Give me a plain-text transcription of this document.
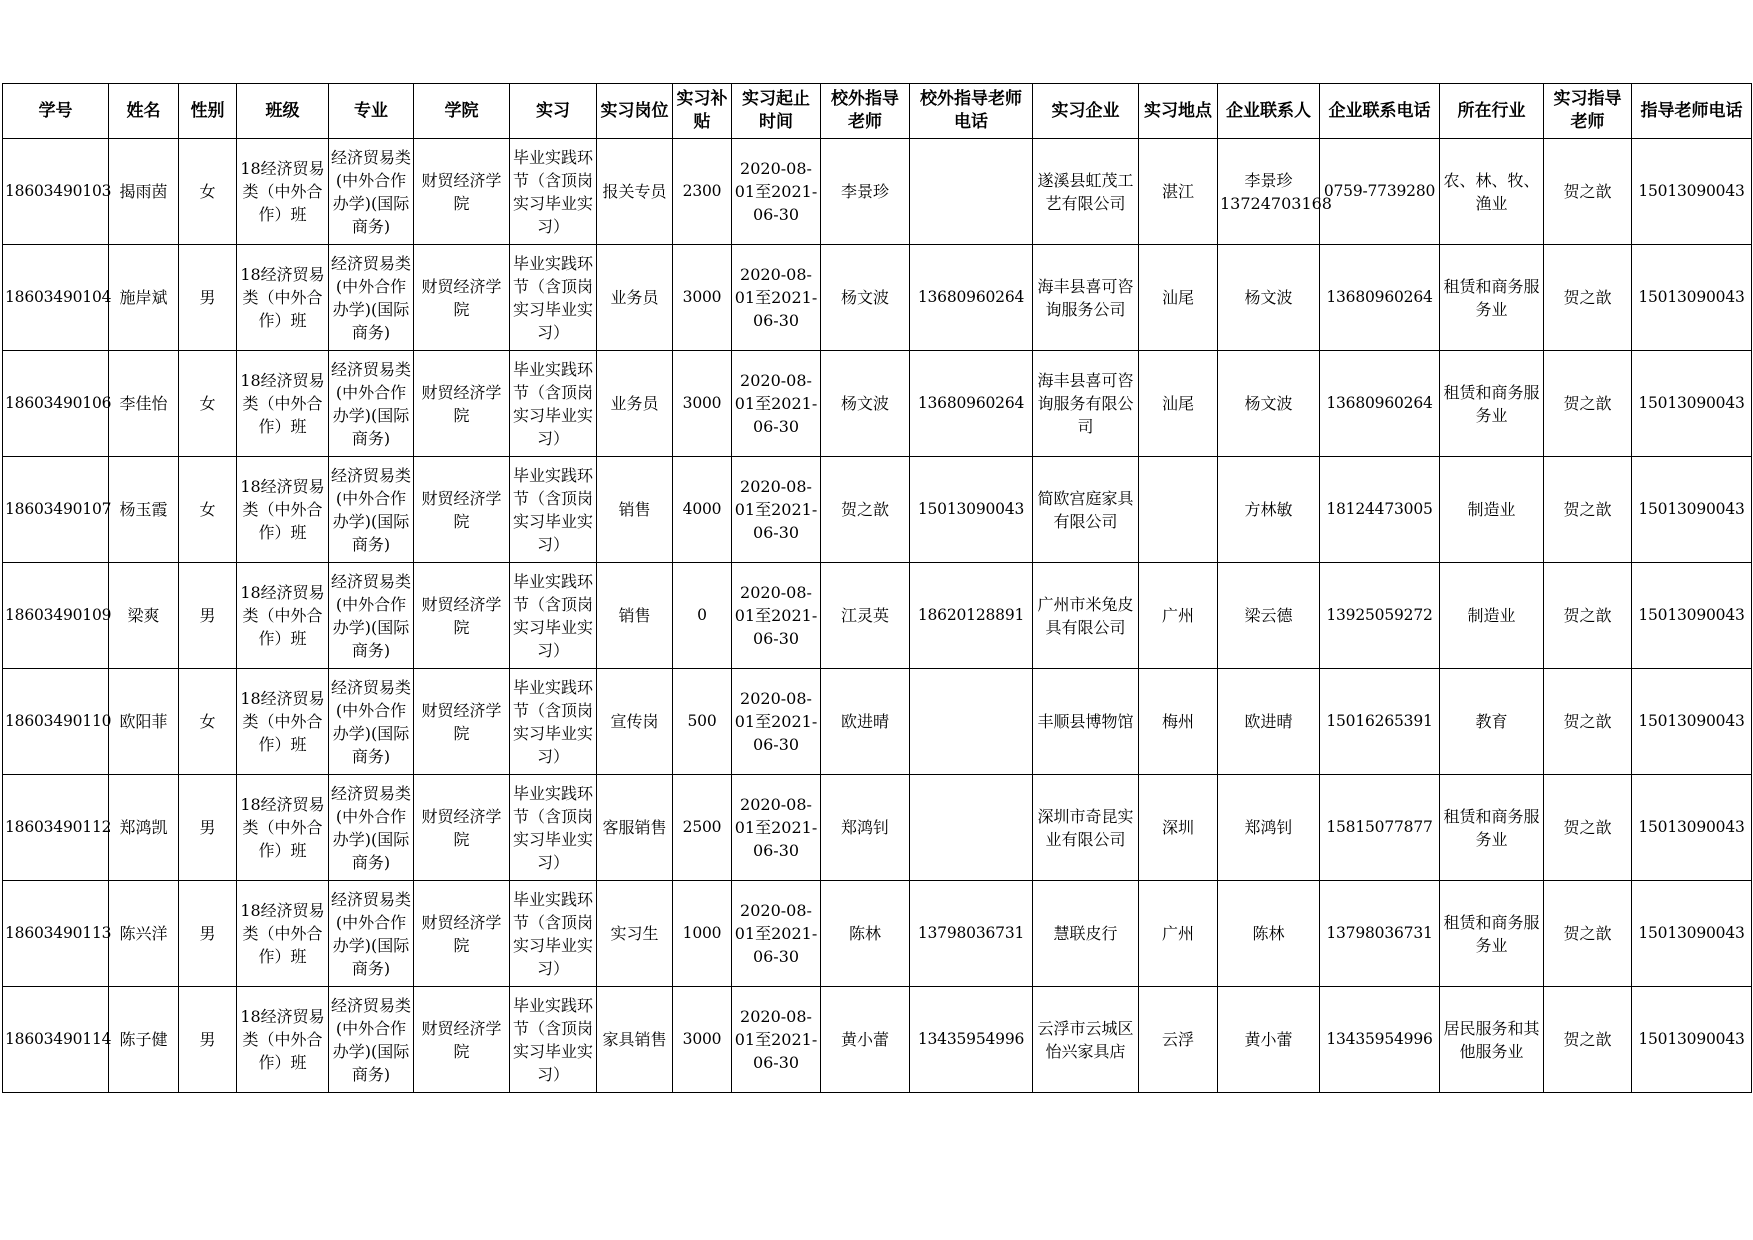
学号	姓名	性别	班级	专业	学院	实习	实习岗位	实习补贴	实习起止时间	校外指导老师	校外指导老师电话	实习企业	实习地点	企业联系人	企业联系电话	所在行业	实习指导老师	指导老师电话

18603490103	揭雨茵	女	18经济贸易类（中外合作）班	经济贸易类(中外合作办学)(国际商务)	财贸经济学院	毕业实践环节（含顶岗实习毕业实习）	报关专员	2300	2020-08-01至2021-06-30	李景珍		遂溪县虹茂工艺有限公司	湛江	李景珍13724703168	0759-7739280	农、林、牧、渔业	贺之歆	15013090043

18603490104	施岸斌	男	18经济贸易类（中外合作）班	经济贸易类(中外合作办学)(国际商务)	财贸经济学院	毕业实践环节（含顶岗实习毕业实习）	业务员	3000	2020-08-01至2021-06-30	杨文波	13680960264	海丰县喜可咨询服务公司	汕尾	杨文波	13680960264	租赁和商务服务业	贺之歆	15013090043

18603490106	李佳怡	女	18经济贸易类（中外合作）班	经济贸易类(中外合作办学)(国际商务)	财贸经济学院	毕业实践环节（含顶岗实习毕业实习）	业务员	3000	2020-08-01至2021-06-30	杨文波	13680960264	海丰县喜可咨询服务有限公司	汕尾	杨文波	13680960264	租赁和商务服务业	贺之歆	15013090043

18603490107	杨玉霞	女	18经济贸易类（中外合作）班	经济贸易类(中外合作办学)(国际商务)	财贸经济学院	毕业实践环节（含顶岗实习毕业实习）	销售	4000	2020-08-01至2021-06-30	贺之歆	15013090043	简欧宫庭家具有限公司		方林敏	18124473005	制造业	贺之歆	15013090043

18603490109	梁爽	男	18经济贸易类（中外合作）班	经济贸易类(中外合作办学)(国际商务)	财贸经济学院	毕业实践环节（含顶岗实习毕业实习）	销售	0	2020-08-01至2021-06-30	江灵英	18620128891	广州市米兔皮具有限公司	广州	梁云德	13925059272	制造业	贺之歆	15013090043

18603490110	欧阳菲	女	18经济贸易类（中外合作）班	经济贸易类(中外合作办学)(国际商务)	财贸经济学院	毕业实践环节（含顶岗实习毕业实习）	宣传岗	500	2020-08-01至2021-06-30	欧进晴		丰顺县博物馆	梅州	欧进晴	15016265391	教育	贺之歆	15013090043

18603490112	郑鸿凯	男	18经济贸易类（中外合作）班	经济贸易类(中外合作办学)(国际商务)	财贸经济学院	毕业实践环节（含顶岗实习毕业实习）	客服销售	2500	2020-08-01至2021-06-30	郑鸿钊		深圳市奇昆实业有限公司	深圳	郑鸿钊	15815077877	租赁和商务服务业	贺之歆	15013090043

18603490113	陈兴洋	男	18经济贸易类（中外合作）班	经济贸易类(中外合作办学)(国际商务)	财贸经济学院	毕业实践环节（含顶岗实习毕业实习）	实习生	1000	2020-08-01至2021-06-30	陈林	13798036731	慧联皮行	广州	陈林	13798036731	租赁和商务服务业	贺之歆	15013090043

18603490114	陈子健	男	18经济贸易类（中外合作）班	经济贸易类(中外合作办学)(国际商务)	财贸经济学院	毕业实践环节（含顶岗实习毕业实习）	家具销售	3000	2020-08-01至2021-06-30	黄小蕾	13435954996	云浮市云城区怡兴家具店	云浮	黄小蕾	13435954996	居民服务和其他服务业	贺之歆	15013090043
